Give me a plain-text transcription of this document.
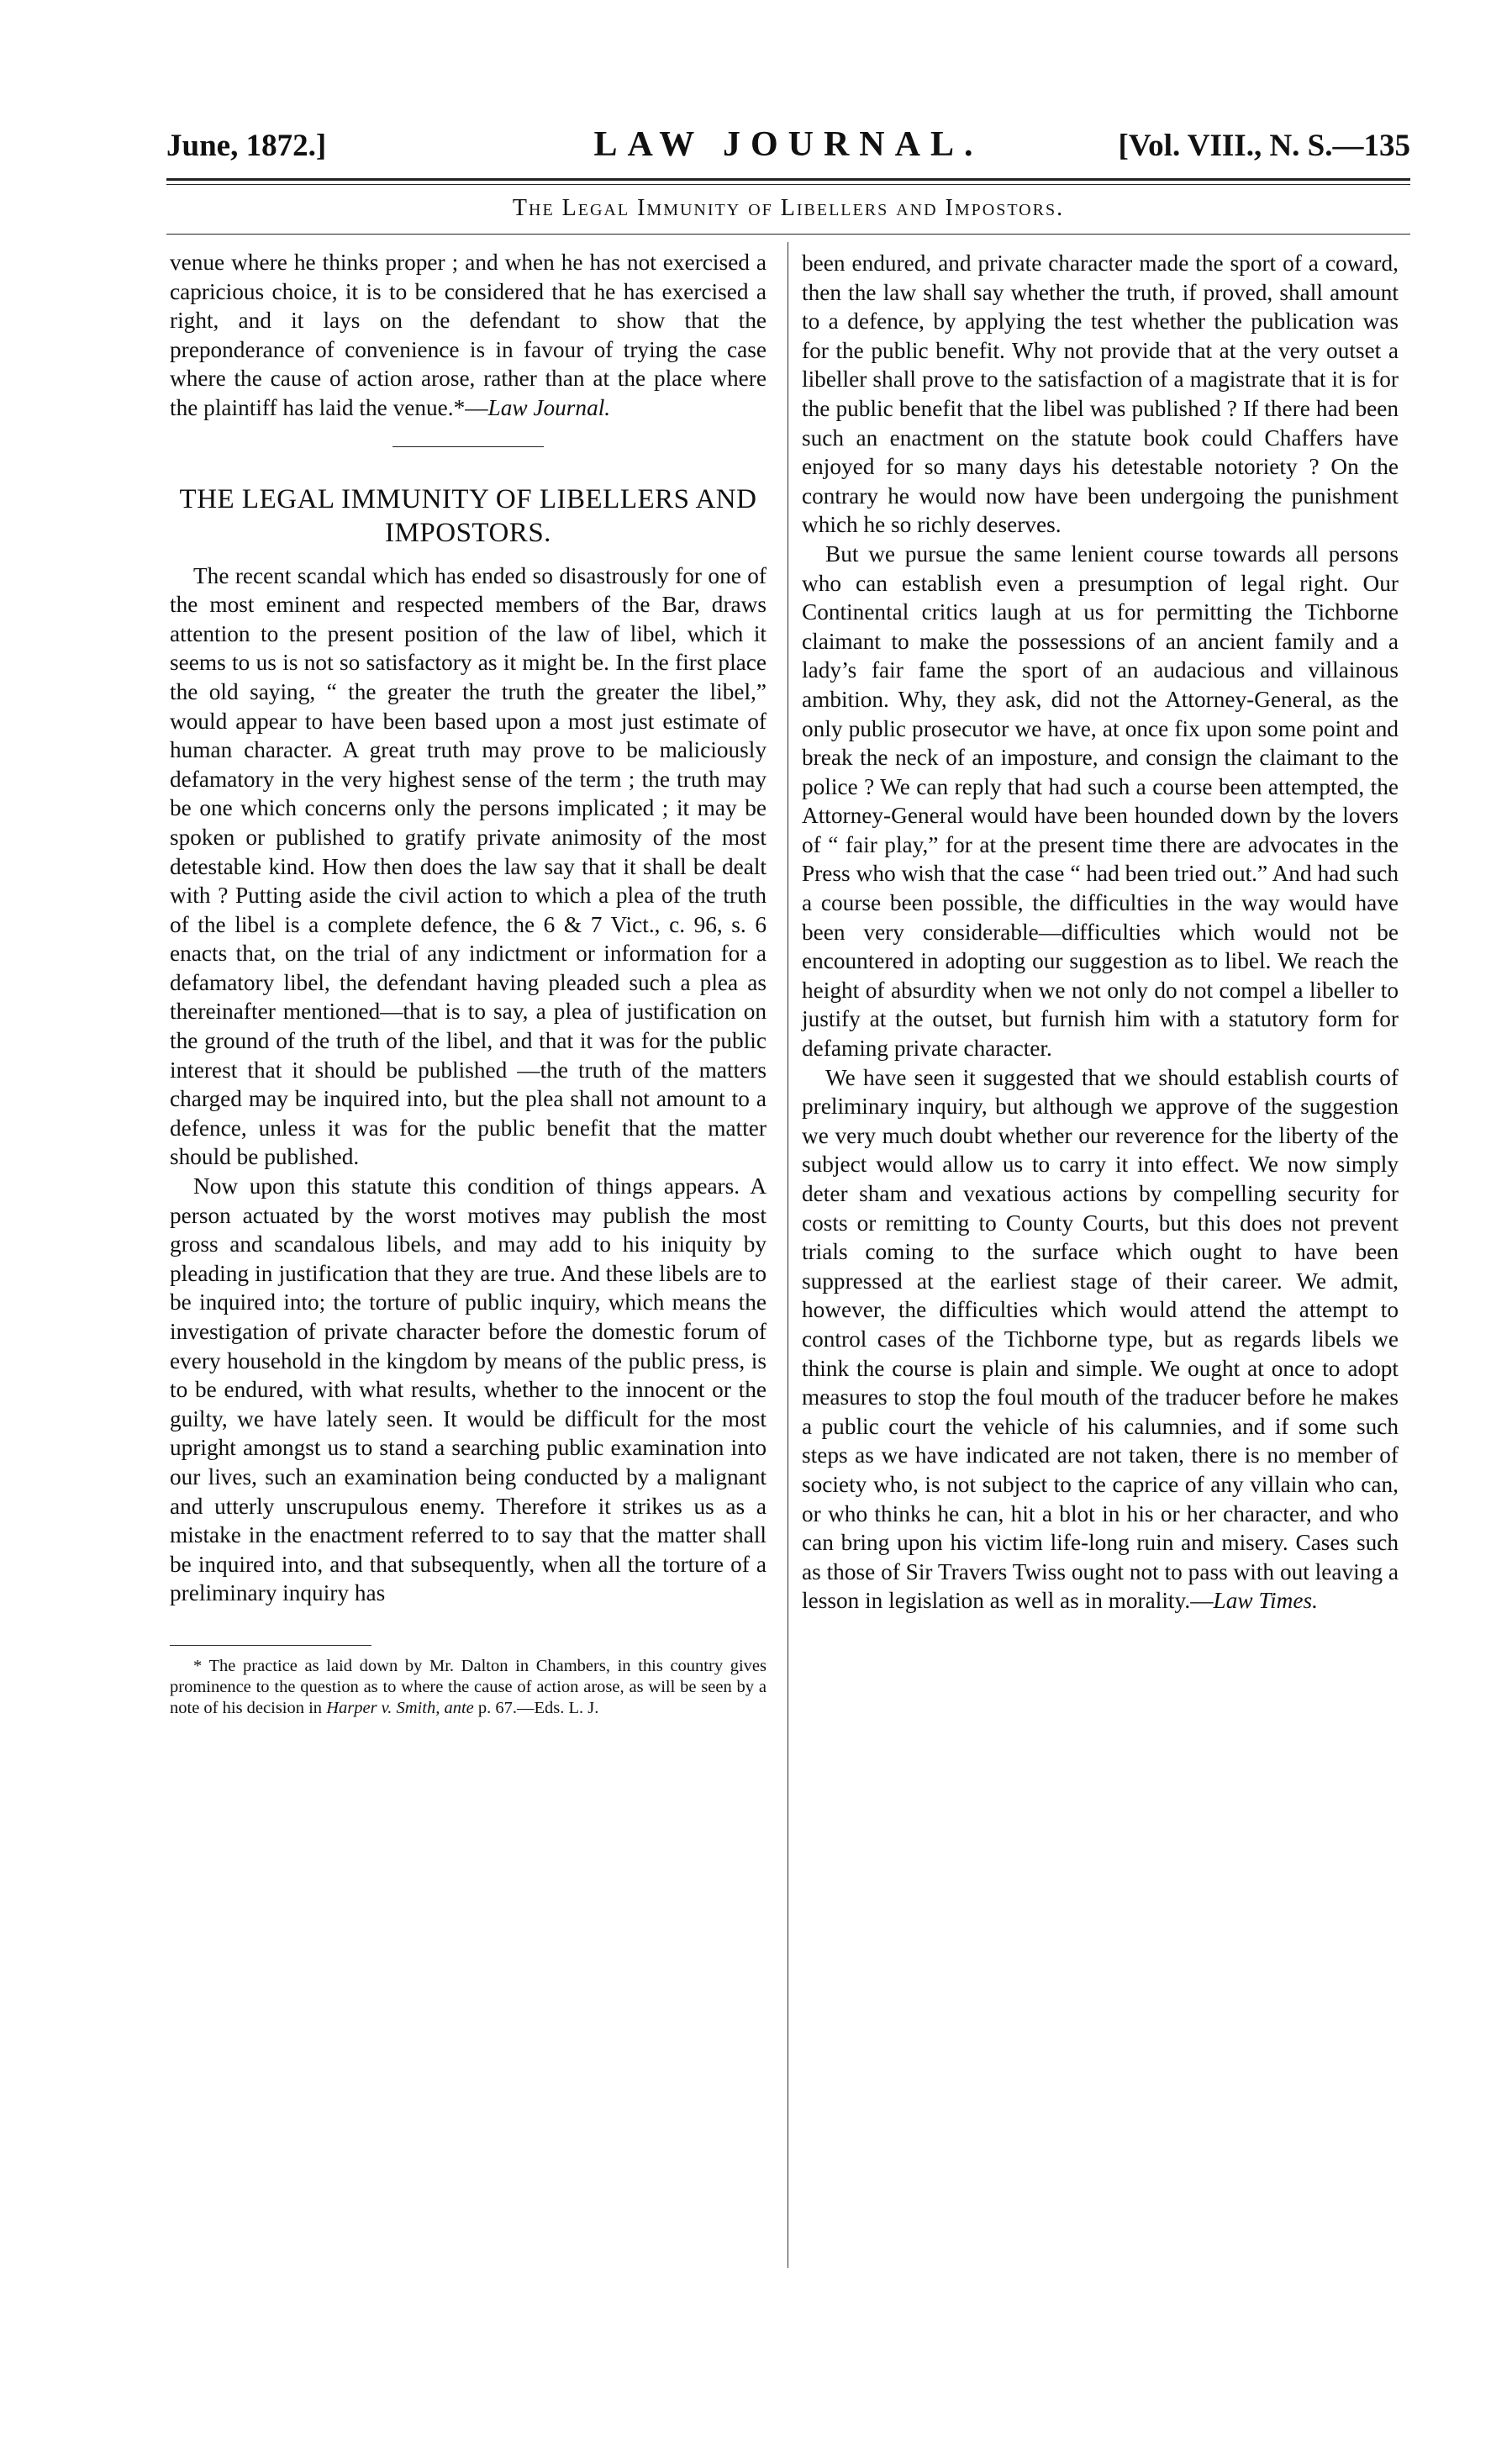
June, 1872.]	LAW JOURNAL.	[Vol. VIII., N. S.—135
The Legal Immunity of Libellers and Impostors.

venue where he thinks proper ; and when he has not exercised a capricious choice, it is to be considered that he has exercised a right, and it lays on the defendant to show that the preponderance of convenience is in favour of trying the case where the cause of action arose, rather than at the place where the plaintiff has laid the venue.*—Law Journal.

THE LEGAL IMMUNITY OF LIBELLERS AND IMPOSTORS.

The recent scandal which has ended so disastrously for one of the most eminent and respected members of the Bar, draws attention to the present position of the law of libel, which it seems to us is not so satisfactory as it might be. In the first place the old saying, “ the greater the truth the greater the libel,” would appear to have been based upon a most just estimate of human character. A great truth may prove to be maliciously defamatory in the very highest sense of the term ; the truth may be one which concerns only the persons implicated ; it may be spoken or published to gratify private animosity of the most detestable kind. How then does the law say that it shall be dealt with ? Putting aside the civil action to which a plea of the truth of the libel is a complete defence, the 6 & 7 Vict., c. 96, s. 6 enacts that, on the trial of any indictment or information for a defamatory libel, the defendant having pleaded such a plea as thereinafter mentioned—that is to say, a plea of justification on the ground of the truth of the libel, and that it was for the public interest that it should be published —the truth of the matters charged may be inquired into, but the plea shall not amount to a defence, unless it was for the public benefit that the matter should be published.

Now upon this statute this condition of things appears. A person actuated by the worst motives may publish the most gross and scandalous libels, and may add to his iniquity by pleading in justification that they are true. And these libels are to be inquired into; the torture of public inquiry, which means the investigation of private character before the domestic forum of every household in the kingdom by means of the public press, is to be endured, with what results, whether to the innocent or the guilty, we have lately seen. It would be difficult for the most upright amongst us to stand a searching public examination into our lives, such an examination being conducted by a malignant and utterly unscrupulous enemy. Therefore it strikes us as a mistake in the enactment referred to to say that the matter shall be inquired into, and that subsequently, when all the torture of a preliminary inquiry has

* The practice as laid down by Mr. Dalton in Chambers, in this country gives prominence to the question as to where the cause of action arose, as will be seen by a note of his decision in Harper v. Smith, ante p. 67.—Eds. L. J.

been endured, and private character made the sport of a coward, then the law shall say whether the truth, if proved, shall amount to a defence, by applying the test whether the publication was for the public benefit. Why not provide that at the very outset a libeller shall prove to the satisfaction of a magistrate that it is for the public benefit that the libel was published ? If there had been such an enactment on the statute book could Chaffers have enjoyed for so many days his detestable notoriety ? On the contrary he would now have been undergoing the punishment which he so richly deserves.

But we pursue the same lenient course towards all persons who can establish even a presumption of legal right. Our Continental critics laugh at us for permitting the Tichborne claimant to make the possessions of an ancient family and a lady’s fair fame the sport of an audacious and villainous ambition. Why, they ask, did not the Attorney-General, as the only public prosecutor we have, at once fix upon some point and break the neck of an imposture, and consign the claimant to the police ? We can reply that had such a course been attempted, the Attorney-General would have been hounded down by the lovers of “ fair play,” for at the present time there are advocates in the Press who wish that the case “ had been tried out.” And had such a course been possible, the difficulties in the way would have been very considerable—difficulties which would not be encountered in adopting our suggestion as to libel. We reach the height of absurdity when we not only do not compel a libeller to justify at the outset, but furnish him with a statutory form for defaming private character.

We have seen it suggested that we should establish courts of preliminary inquiry, but although we approve of the suggestion we very much doubt whether our reverence for the liberty of the subject would allow us to carry it into effect. We now simply deter sham and vexatious actions by compelling security for costs or remitting to County Courts, but this does not prevent trials coming to the surface which ought to have been suppressed at the earliest stage of their career. We admit, however, the difficulties which would attend the attempt to control cases of the Tichborne type, but as regards libels we think the course is plain and simple. We ought at once to adopt measures to stop the foul mouth of the traducer before he makes a public court the vehicle of his calumnies, and if some such steps as we have indicated are not taken, there is no member of society who, is not subject to the caprice of any villain who can, or who thinks he can, hit a blot in his or her character, and who can bring upon his victim life-long ruin and misery. Cases such as those of Sir Travers Twiss ought not to pass with out leaving a lesson in legislation as well as in morality.—Law Times.
